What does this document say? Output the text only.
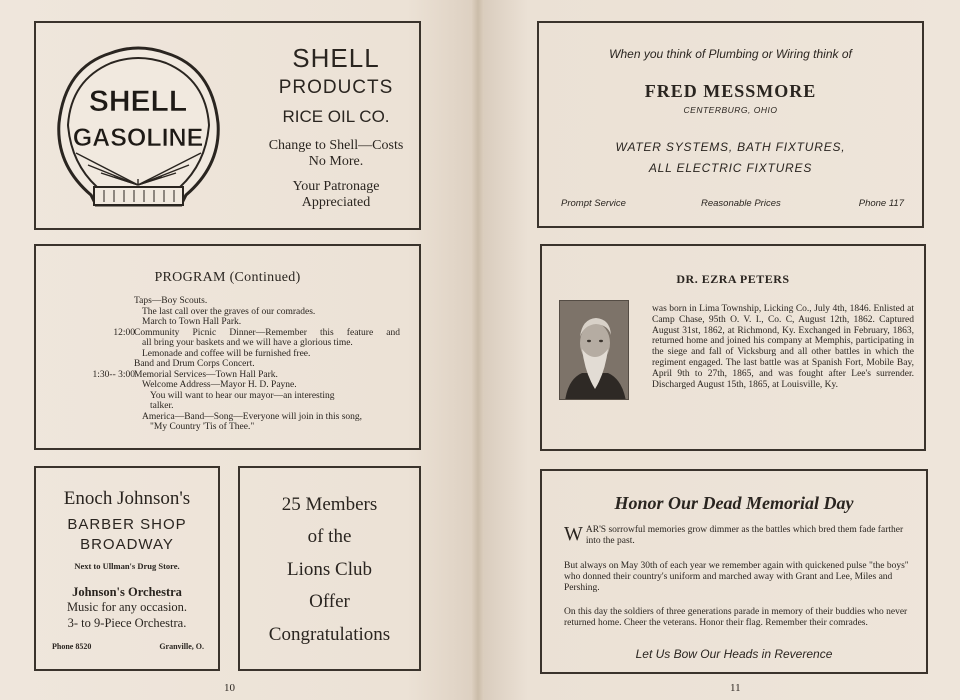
SHELL
GASOLINE
SHELL
PRODUCTS
RICE OIL CO.
Change to Shell—Costs
No More.
Your Patronage
Appreciated
PROGRAM (Continued)
Taps—Boy Scouts.
The last call over the graves of our comrades.
March to Town Hall Park.
12:00 Community Picnic Dinner—Remember this feature and
all bring your baskets and we will have a glorious time.
Lemonade and coffee will be furnished free.
Band and Drum Corps Concert.
1:30-- 3:00 Memorial Services—Town Hall Park.
Welcome Address—Mayor H. D. Payne.
You will want to hear our mayor—an interesting
talker.
America—Band—Song—Everyone will join in this song,
"My Country 'Tis of Thee."
Enoch Johnson's
BARBER SHOP
BROADWAY
Next to Ullman's Drug Store.
Johnson's Orchestra
Music for any occasion.
3- to 9-Piece Orchestra.
Phone 8520	Granville, O.
25 Members
of the
Lions Club
Offer
Congratulations
10
When you think of Plumbing or Wiring think of
FRED MESSMORE
CENTERBURG, OHIO
WATER SYSTEMS, BATH FIXTURES,
ALL ELECTRIC FIXTURES
Prompt Service	Reasonable Prices	Phone 117
DR. EZRA PETERS
was born in Lima Township, Licking Co., July 4th, 1846. Enlisted at Camp Chase, 95th O. V. I., Co. C, August 12th, 1862. Captured August 31st, 1862, at Richmond, Ky. Exchanged in February, 1863, returned home and joined his company at Memphis, participating in the siege and fall of Vicksburg and all other battles in which the regiment engaged. The last battle was at Spanish Fort, Mobile Bay, April 9th to 27th, 1865, and was fought after Lee's surrender. Discharged August 15th, 1865, at Louisville, Ky.
Honor Our Dead Memorial Day
WAR'S sorrowful memories grow dimmer as the battles which bred them fade farther into the past.
But always on May 30th of each year we remember again with quickened pulse "the boys" who donned their country's uniform and marched away with Grant and Lee, Miles and Pershing.
On this day the soldiers of three generations parade in memory of their buddies who never returned home. Cheer the veterans. Honor their flag. Remember their comrades.
Let Us Bow Our Heads in Reverence
11
